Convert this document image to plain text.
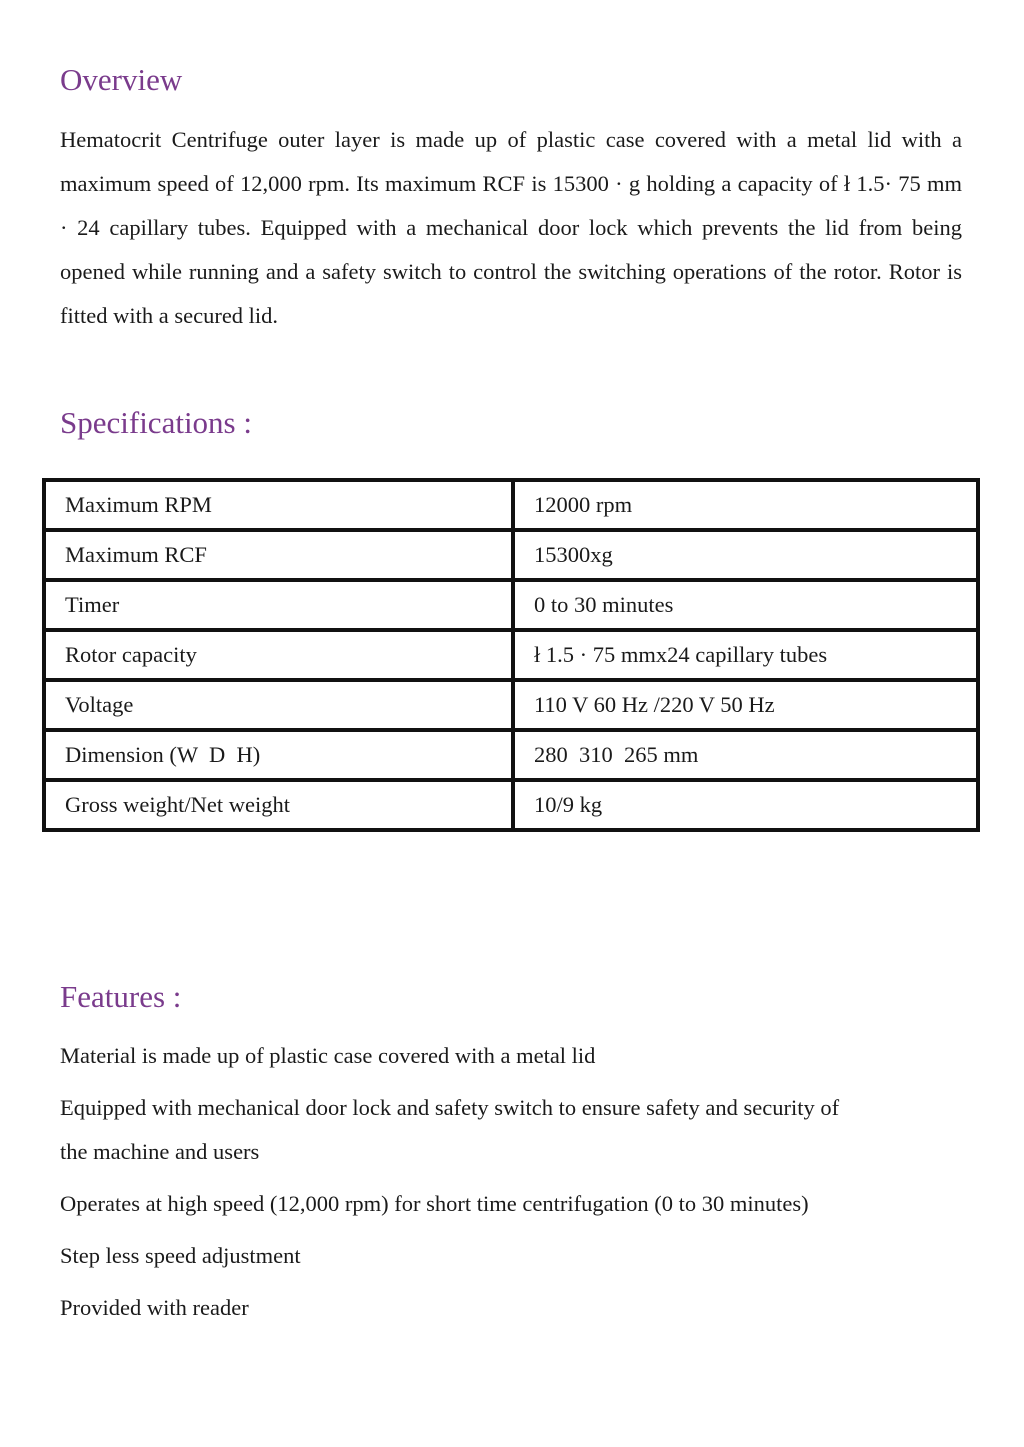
Overview

Hematocrit Centrifuge outer layer is made up of plastic case covered with a metal lid with a maximum speed of 12,000 rpm. Its maximum RCF is 15300 · g holding a capacity of ł 1.5· 75 mm · 24 capillary tubes. Equipped with a mechanical door lock which prevents the lid from being opened while running and a safety switch to control the switching operations of the rotor. Rotor is fitted with a secured lid.

Specifications :
Maximum RPM	12000 rpm
Maximum RCF	15300xg
Timer	0 to 30 minutes
Rotor capacity	ł 1.5 · 75 mmx24 capillary tubes
Voltage	110 V 60 Hz /220 V 50 Hz
Dimension (W  D  H)	280  310  265 mm
Gross weight/Net weight	10/9 kg
Features :
Material is made up of plastic case covered with a metal lid
Equipped with mechanical door lock and safety switch to ensure safety and security of the machine and users
Operates at high speed (12,000 rpm) for short time centrifugation (0 to 30 minutes)
Step less speed adjustment
Provided with reader
